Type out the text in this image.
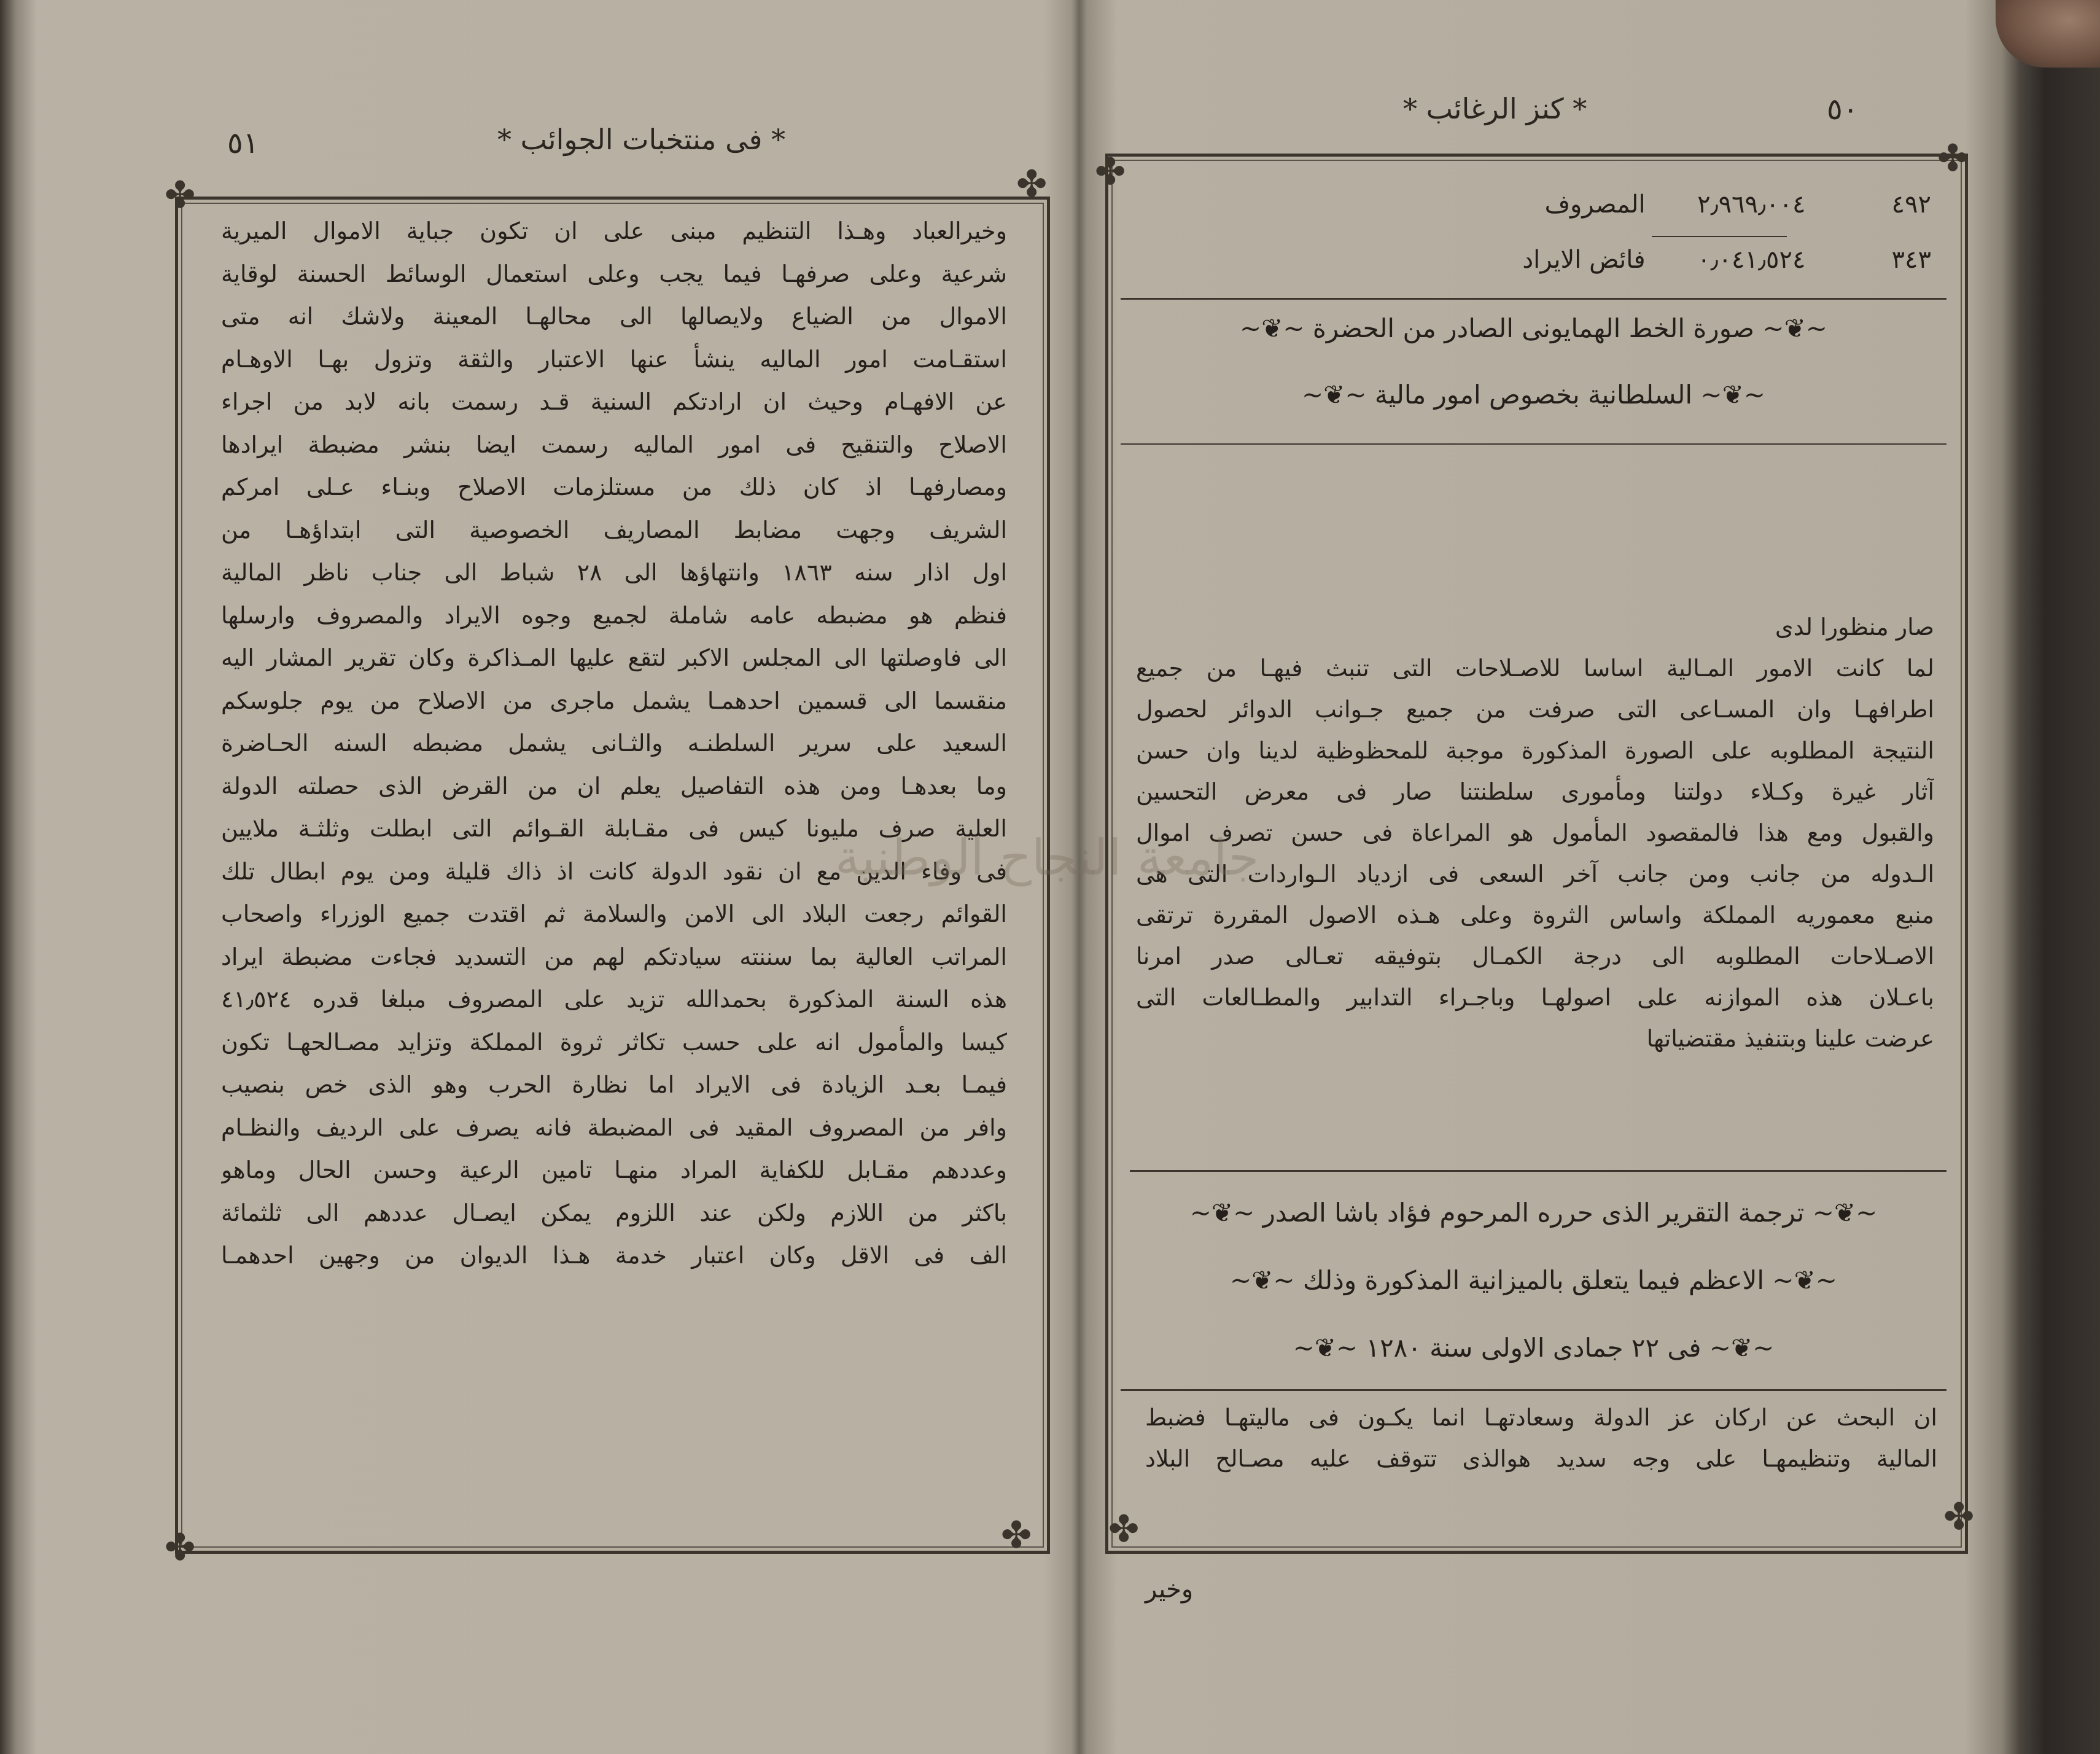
* فى منتخبات الجوائب *
٥١
✤	✤
✤	✤
وخيرالعباد وهـذا التنظيم مبنى على ان تكون جباية الاموال الميرية
شرعية وعلى صرفهـا فيما يجب وعلى استعمال الوسائط الحسنة لوقاية
الاموال من الضياع ولايصالها الى محالهـا المعينة ولاشك انه متى
استقـامت امور الماليه ينشأ عنها الاعتبار والثقة وتزول بهـا الاوهـام
عن الافهـام وحيث ان ارادتكم السنية قـد رسمت بانه لابد من اجراء
الاصلاح والتنقيح فى امور الماليه رسمت ايضا بنشر مضبطة ايرادها
ومصارفهـا اذ كان ذلك من مستلزمات الاصلاح وبنـاء عـلى امركم
الشريف وجهت مضابط المصاريف الخصوصية التى ابتداؤهـا من
اول اذار سنه ١٨٦٣ وانتهاؤها الى ٢٨ شباط الى جناب ناظر المالية
فنظم هو مضبطه عامه شاملة لجميع وجوه الايراد والمصروف وارسلها
الى فاوصلتها الى المجلس الاكبر لتقع عليها المـذاكرة وكان تقرير المشار اليه
منقسما الى قسمين احدهمـا يشمل ماجرى من الاصلاح من يوم جلوسكم
السعيد على سرير السلطنـه والثـانى يشمل مضبطه السنه الحـاضرة
وما بعدهـا ومن هذه التفاصيل يعلم ان من القرض الذى حصلته الدولة
العلية صرف مليونا كيس فى مقـابلة القـوائم التى ابطلت وثلثـة ملايين
فى وفاء الدين مع ان نقود الدولة كانت اذ ذاك قليلة ومن يوم ابطال تلك
القوائم رجعت البلاد الى الامن والسلامة ثم اقتدت جميع الوزراء واصحاب
المراتب العالية بما سننته سيادتكم لهم من التسديد فجاءت مضبطة ايراد
هذه السنة المذكورة بحمدالله تزيد على المصروف مبلغا قدره ٤١٫٥٢٤
كيسا والمأمول انه على حسب تكاثر ثروة المملكة وتزايد مصـالحهـا تكون
فيمـا بعـد الزيادة فى الايراد اما نظارة الحرب وهو الذى خص بنصيب
وافر من المصروف المقيد فى المضبطة فانه يصرف على الرديف والنظـام
وعددهم مقـابل للكفاية المراد منهـا تامين الرعية وحسن الحال وماهو
باكثر من اللازم ولكن عند اللزوم يمكن ايصـال عددهم الى ثلثمائة
الف فى الاقل وكان اعتبار خدمة هـذا الديوان من وجهين احدهمـا
* كنز الرغائب *	٥٠
✤	✤
✤	✤
٤٩٢ ٢٫٩٦٩٫٠٠٤ المصروف
٣٤٣ ٠٫٠٤١٫٥٢٤ فائض الايراد
~❦~ صورة الخط الهمايونى الصادر من الحضرة ~❦~
~❦~ السلطانية بخصوص امور مالية ~❦~
صار منظورا لدى
لما كانت الامور المـالية اساسا للاصـلاحات التى تنبث فيهـا من جميع
اطرافهـا وان المسـاعى التى صرفت من جميع جـوانب الدوائر لحصول
النتيجة المطلوبه على الصورة المذكورة موجبة للمحظوظية لدينا وان حسن
آثار غيرة وكـلاء دولتنا ومأمورى سلطنتنا صار فى معرض التحسين
والقبول ومع هذا فالمقصود المأمول هو المراعاة فى حسن تصرف اموال
الـدوله من جانب ومن جانب آخر السعى فى ازدياد الـواردات التى هى
منبع معموريه المملكة واساس الثروة وعلى هـذه الاصول المقررة ترتقى
الاصـلاحات المطلوبه الى درجة الكمـال بتوفيقه تعـالى صدر امرنا
باعـلان هذه الموازنه على اصولهـا وباجـراء التدابير والمطـالعات التى
عرضت علينا وبتنفيذ مقتضياتها
~❦~ ترجمة التقرير الذى حرره المرحوم فؤاد باشا الصدر ~❦~
~❦~ الاعظم فيما يتعلق بالميزانية المذكورة وذلك ~❦~
~❦~ فى ٢٢ جمادى الاولى سنة ١٢٨٠ ~❦~
ان البحث عن اركان عز الدولة وسعادتهـا انما يكـون فى ماليتهـا فضبط
المالية وتنظيمهـا على وجه سديد هوالذى تتوقف عليه مصـالح البلاد
وخير
جامعة النجاح الوطنية
